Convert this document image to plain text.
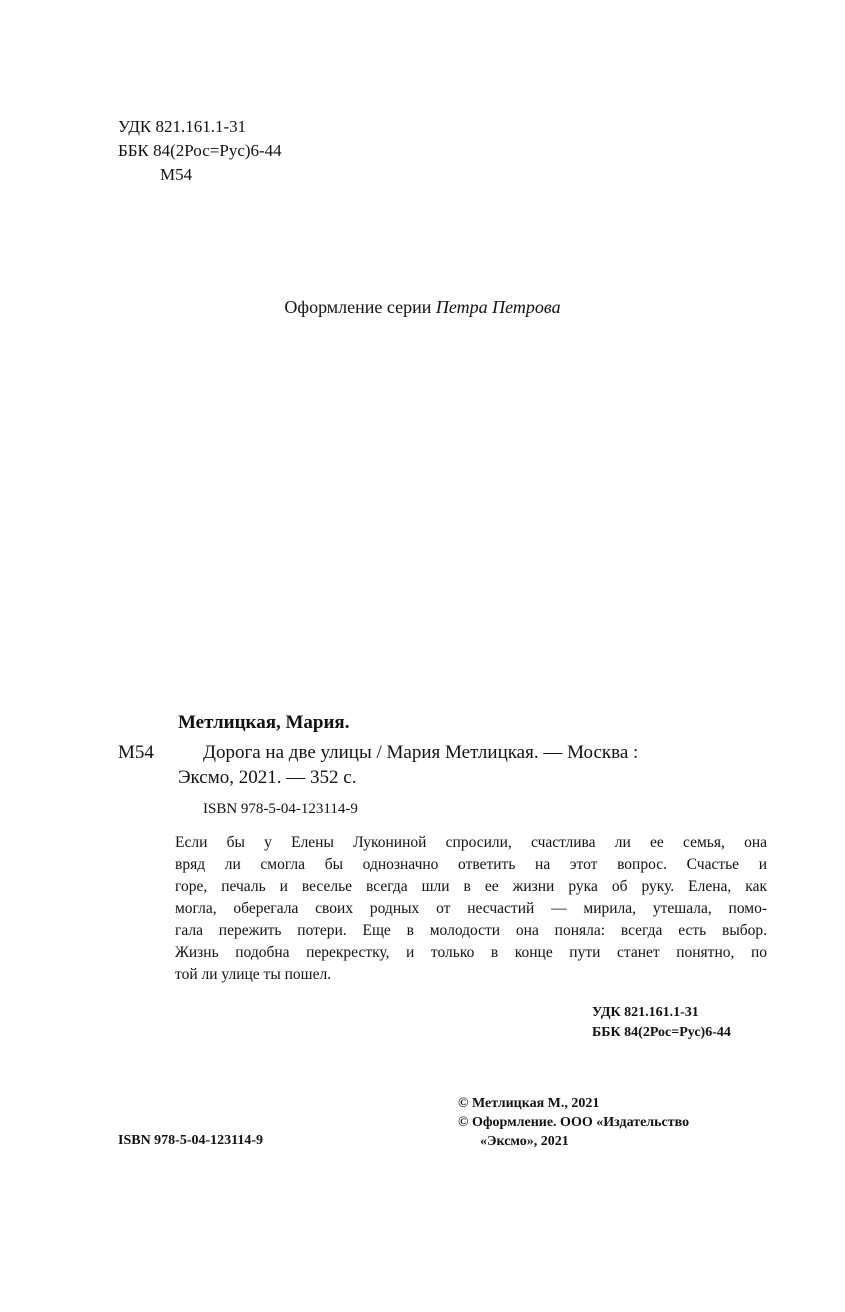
УДК 821.161.1-31
ББК 84(2Рос=Рус)6-44
М54
Оформление серии Петра Петрова
Метлицкая, Мария.
М54	Дорога на две улицы / Мария Метлицкая. — Москва :
Эксмо, 2021. — 352 с.
ISBN 978-5-04-123114-9
Если бы у Елены Лукониной спросили, счастлива ли ее семья, она
вряд ли смогла бы однозначно ответить на этот вопрос. Счастье и
горе, печаль и веселье всегда шли в ее жизни рука об руку. Елена, как
могла, оберегала своих родных от несчастий — мирила, утешала, помо-
гала пережить потери. Еще в молодости она поняла: всегда есть выбор.
Жизнь подобна перекрестку, и только в конце пути станет понятно, по
той ли улице ты пошел.
УДК 821.161.1-31
ББК 84(2Рос=Рус)6-44
ISBN 978-5-04-123114-9
© Метлицкая М., 2021
© Оформление. ООО «Издательство
«Эксмо», 2021
